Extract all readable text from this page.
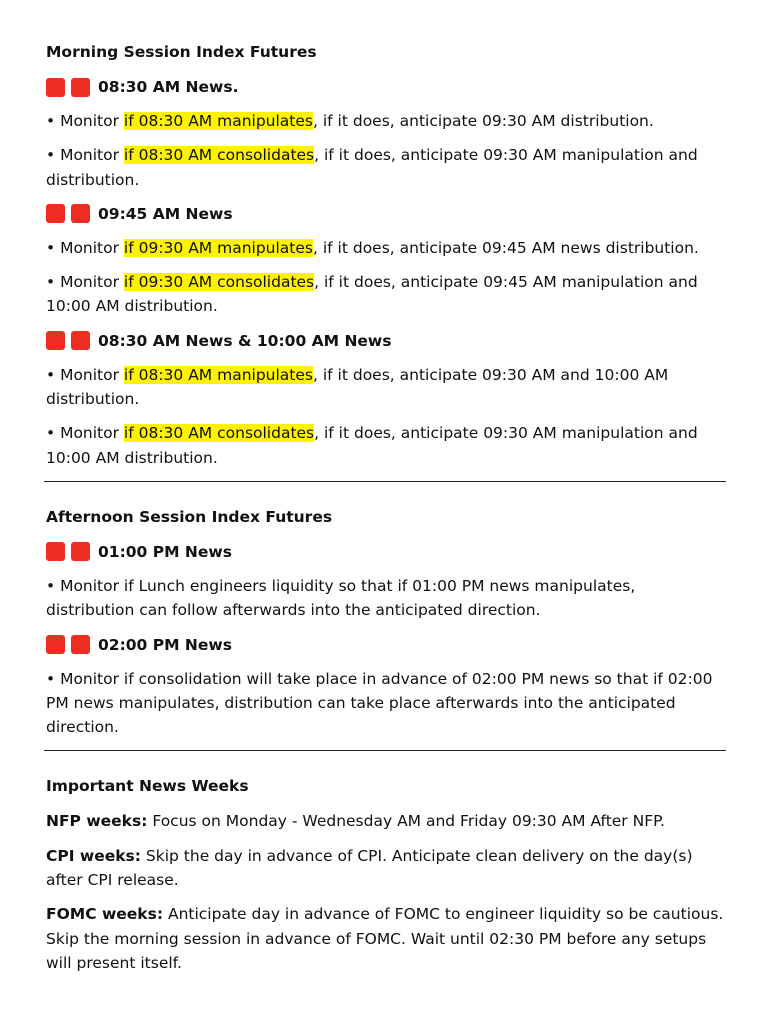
Morning Session Index Futures
08:30 AM News.

• Monitor if 08:30 AM manipulates, if it does, anticipate 09:30 AM distribution.

• Monitor if 08:30 AM consolidates, if it does, anticipate 09:30 AM manipulation and distribution.

09:45 AM News

• Monitor if 09:30 AM manipulates, if it does, anticipate 09:45 AM news distribution.

• Monitor if 09:30 AM consolidates, if it does, anticipate 09:45 AM manipulation and 10:00 AM distribution.

08:30 AM News & 10:00 AM News

• Monitor if 08:30 AM manipulates, if it does, anticipate 09:30 AM and 10:00 AM distribution.

• Monitor if 08:30 AM consolidates, if it does, anticipate 09:30 AM manipulation and 10:00 AM distribution.

Afternoon Session Index Futures
01:00 PM News

• Monitor if Lunch engineers liquidity so that if 01:00 PM news manipulates, distribution can follow afterwards into the anticipated direction.

02:00 PM News

• Monitor if consolidation will take place in advance of 02:00 PM news so that if 02:00 PM news manipulates, distribution can take place afterwards into the anticipated direction.

Important News Weeks

NFP weeks: Focus on Monday - Wednesday AM and Friday 09:30 AM After NFP.

CPI weeks: Skip the day in advance of CPI. Anticipate clean delivery on the day(s) after CPI release.

FOMC weeks: Anticipate day in advance of FOMC to engineer liquidity so be cautious. Skip the morning session in advance of FOMC. Wait until 02:30 PM before any setups will present itself.
